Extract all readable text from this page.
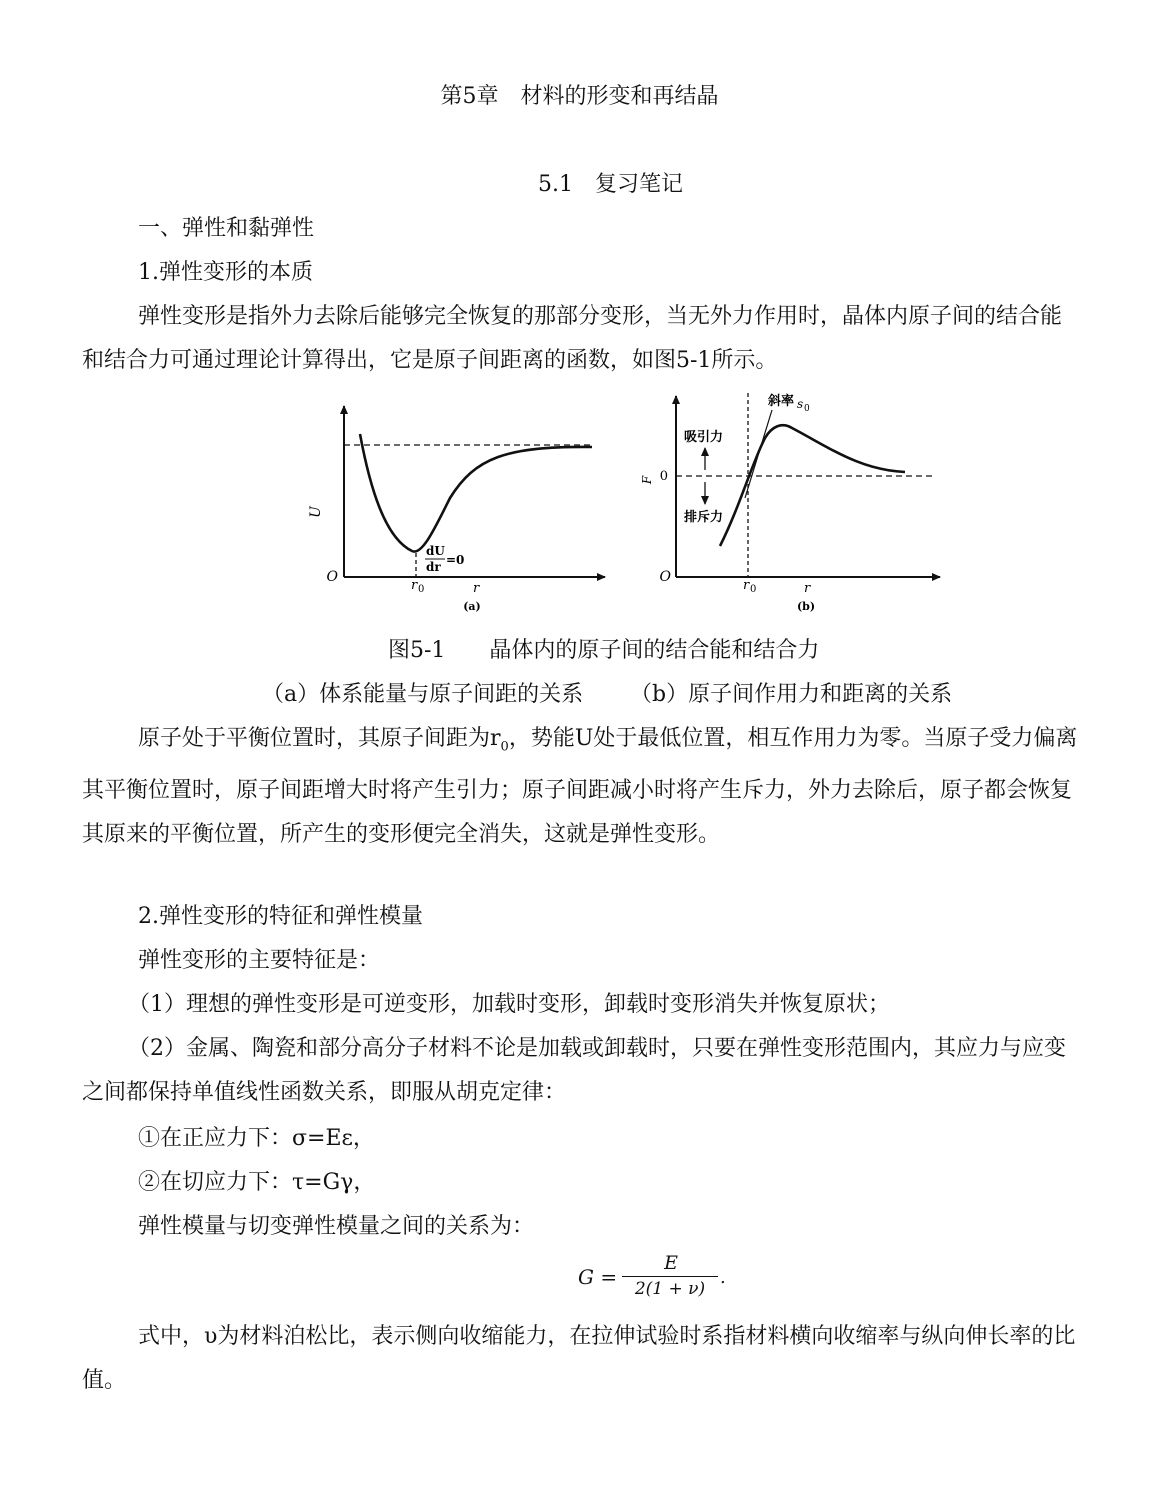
第5章　材料的形变和再结晶
5.1　复习笔记
一、弹性和黏弹性
1.弹性变形的本质
弹性变形是指外力去除后能够完全恢复的那部分变形，当无外力作用时，晶体内原子间的结合能和结合力可通过理论计算得出，它是原子间距离的函数，如图5-1所示。
O
U
r
r 0
dU
dr =0
(a)
吸引力
排斥力
斜率 s 0
O
0
F
r
r 0
(b)
图5-1　　晶体内的原子间的结合能和结合力
（a）体系能量与原子间距的关系 （b）原子间作用力和距离的关系
原子处于平衡位置时，其原子间距为$r_0$，势能U处于最低位置，相互作用力为零。当原子受力偏离其平衡位置时，原子间距增大时将产生引力；原子间距减小时将产生斥力，外力去除后，原子都会恢复其原来的平衡位置，所产生的变形便完全消失，这就是弹性变形。
2.弹性变形的特征和弹性模量
弹性变形的主要特征是：
（1）理想的弹性变形是可逆变形，加载时变形，卸载时变形消失并恢复原状；
（2）金属、陶瓷和部分高分子材料不论是加载或卸载时，只要在弹性变形范围内，其应力与应变之间都保持单值线性函数关系，即服从胡克定律：
①在正应力下：σ=Eε，
②在切应力下：τ=Gγ，
弹性模量与切变弹性模量之间的关系为：
G =
E
2(1 + ν)
.
式中，υ为材料泊松比，表示侧向收缩能力，在拉伸试验时系指材料横向收缩率与纵向伸长率的比值。
